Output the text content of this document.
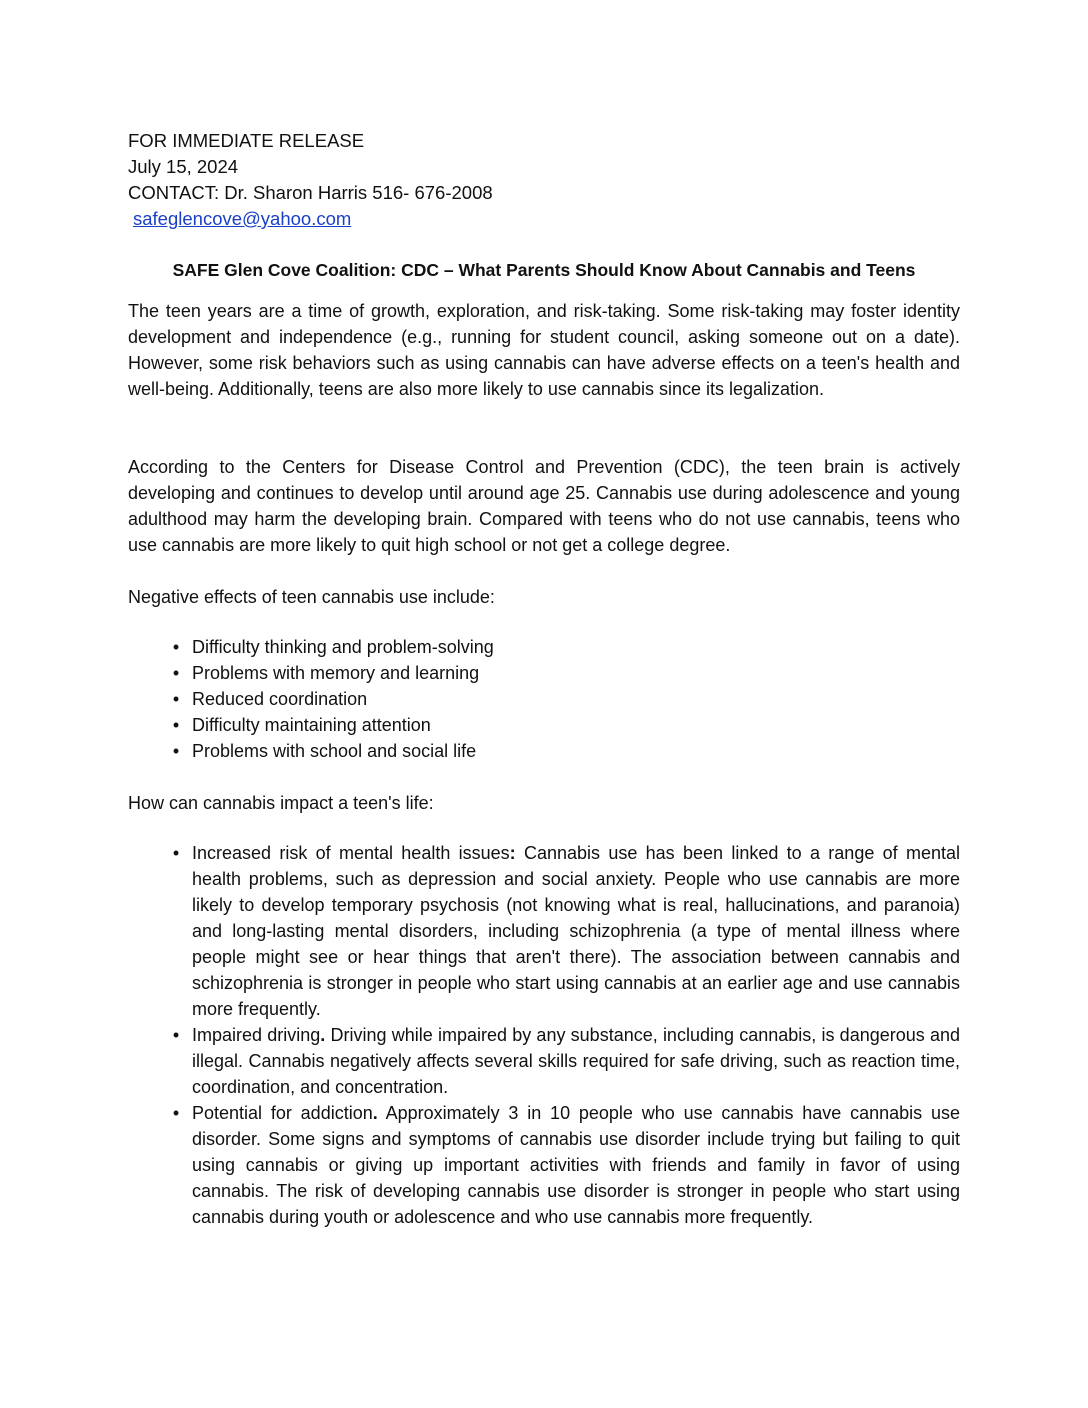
FOR IMMEDIATE RELEASE
July 15, 2024
CONTACT: Dr. Sharon Harris 516- 676-2008
safeglencove@yahoo.com
SAFE Glen Cove Coalition: CDC – What Parents Should Know About Cannabis and Teens
The teen years are a time of growth, exploration, and risk-taking. Some risk-taking may foster identity development and independence (e.g., running for student council, asking someone out on a date). However, some risk behaviors such as using cannabis can have adverse effects on a teen's health and well-being. Additionally, teens are also more likely to use cannabis since its legalization.
According to the Centers for Disease Control and Prevention (CDC), the teen brain is actively developing and continues to develop until around age 25. Cannabis use during adolescence and young adulthood may harm the developing brain. Compared with teens who do not use cannabis, teens who use cannabis are more likely to quit high school or not get a college degree.
Negative effects of teen cannabis use include:
• Difficulty thinking and problem-solving
• Problems with memory and learning
• Reduced coordination
• Difficulty maintaining attention
• Problems with school and social life
How can cannabis impact a teen's life:
• Increased risk of mental health issues: Cannabis use has been linked to a range of mental health problems, such as depression and social anxiety. People who use cannabis are more likely to develop temporary psychosis (not knowing what is real, hallucinations, and paranoia) and long-lasting mental disorders, including schizophrenia (a type of mental illness where people might see or hear things that aren't there). The association between cannabis and schizophrenia is stronger in people who start using cannabis at an earlier age and use cannabis more frequently.
• Impaired driving. Driving while impaired by any substance, including cannabis, is dangerous and illegal. Cannabis negatively affects several skills required for safe driving, such as reaction time, coordination, and concentration.
• Potential for addiction. Approximately 3 in 10 people who use cannabis have cannabis use disorder. Some signs and symptoms of cannabis use disorder include trying but failing to quit using cannabis or giving up important activities with friends and family in favor of using cannabis. The risk of developing cannabis use disorder is stronger in people who start using cannabis during youth or adolescence and who use cannabis more frequently.
